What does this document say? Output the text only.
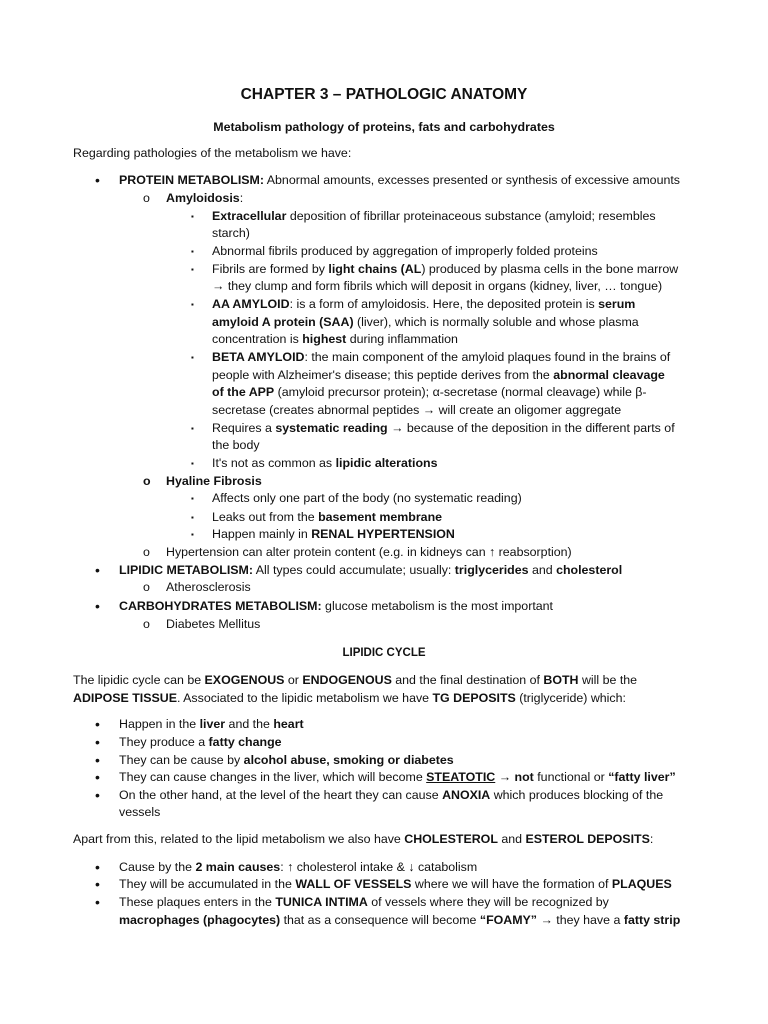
CHAPTER 3 – PATHOLOGIC ANATOMY
Metabolism pathology of proteins, fats and carbohydrates
Regarding pathologies of the metabolism we have:
• PROTEIN METABOLISM: Abnormal amounts, excesses presented or synthesis of excessive amounts
o Amyloidosis:
▪ Extracellular deposition of fibrillar proteinaceous substance (amyloid; resembles
starch)
▪ Abnormal fibrils produced by aggregation of improperly folded proteins
▪ Fibrils are formed by light chains (AL) produced by plasma cells in the bone marrow
→ they clump and form fibrils which will deposit in organs (kidney, liver, … tongue)
▪ AA AMYLOID: is a form of amyloidosis. Here, the deposited protein is serum
amyloid A protein (SAA) (liver), which is normally soluble and whose plasma
concentration is highest during inflammation
▪ BETA AMYLOID: the main component of the amyloid plaques found in the brains of
people with Alzheimer's disease; this peptide derives from the abnormal cleavage
of the APP (amyloid precursor protein); α-secretase (normal cleavage) while β-
secretase (creates abnormal peptides → will create an oligomer aggregate
▪ Requires a systematic reading → because of the deposition in the different parts of
the body
▪ It's not as common as lipidic alterations
o Hyaline Fibrosis
▪ Affects only one part of the body (no systematic reading)
▪ Leaks out from the basement membrane
▪ Happen mainly in RENAL HYPERTENSION
o Hypertension can alter protein content (e.g. in kidneys can ↑ reabsorption)
• LIPIDIC METABOLISM: All types could accumulate; usually: triglycerides and cholesterol
o Atherosclerosis
• CARBOHYDRATES METABOLISM: glucose metabolism is the most important
o Diabetes Mellitus
LIPIDIC CYCLE
The lipidic cycle can be EXOGENOUS or ENDOGENOUS and the final destination of BOTH will be the
ADIPOSE TISSUE. Associated to the lipidic metabolism we have TG DEPOSITS (triglyceride) which:
• Happen in the liver and the heart
• They produce a fatty change
• They can be cause by alcohol abuse, smoking or diabetes
• They can cause changes in the liver, which will become STEATOTIC → not functional or “fatty liver”
• On the other hand, at the level of the heart they can cause ANOXIA which produces blocking of the
vessels
Apart from this, related to the lipid metabolism we also have CHOLESTEROL and ESTEROL DEPOSITS:
• Cause by the 2 main causes: ↑ cholesterol intake & ↓ catabolism
• They will be accumulated in the WALL OF VESSELS where we will have the formation of PLAQUES
• These plaques enters in the TUNICA INTIMA of vessels where they will be recognized by
macrophages (phagocytes) that as a consequence will become “FOAMY” → they have a fatty strip
